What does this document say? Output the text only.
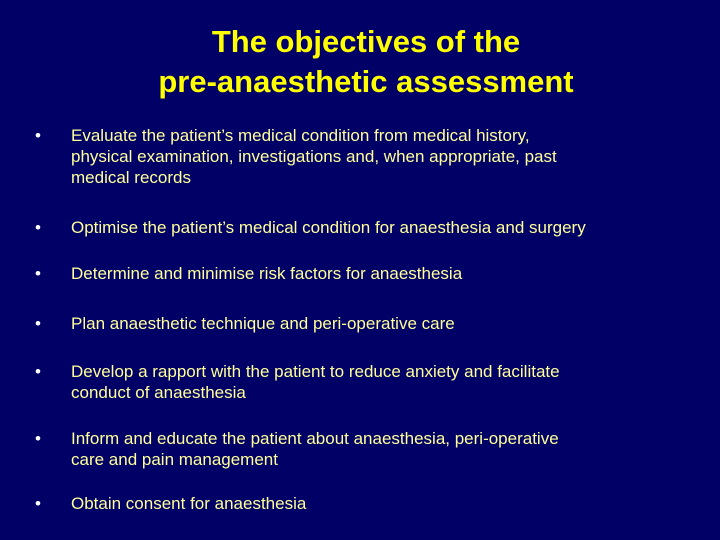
The objectives of the
pre-anaesthetic assessment
•	Evaluate the patient’s medical condition from medical history,
physical examination, investigations and, when appropriate, past
medical records
•	Optimise the patient’s medical condition for anaesthesia and surgery
•	Determine and minimise risk factors for anaesthesia
•	Plan anaesthetic technique and peri-operative care
•	Develop a rapport with the patient to reduce anxiety and facilitate
conduct of anaesthesia
•	Inform and educate the patient about anaesthesia, peri-operative
care and pain management
•	Obtain consent for anaesthesia
